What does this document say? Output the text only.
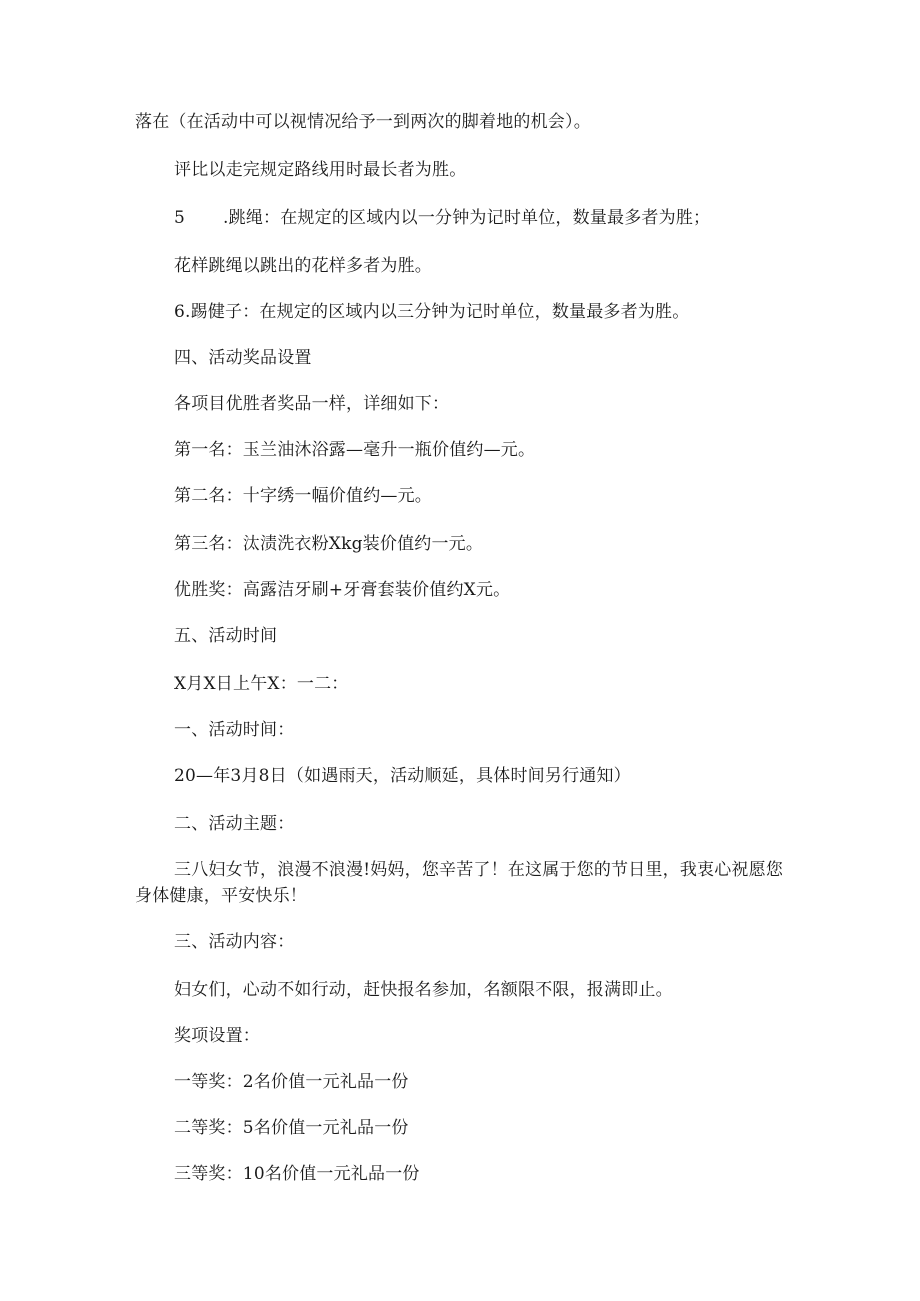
落在（在活动中可以视情况给予一到两次的脚着地的机会）。
评比以走完规定路线用时最长者为胜。
5 .跳绳：在规定的区域内以一分钟为记时单位，数量最多者为胜；
花样跳绳以跳出的花样多者为胜。
6.踢健子：在规定的区域内以三分钟为记时单位，数量最多者为胜。
四、活动奖品设置
各项目优胜者奖品一样，详细如下：
第一名：玉兰油沐浴露—毫升一瓶价值约—元。
第二名：十字绣一幅价值约—元。
第三名：汰渍洗衣粉Xkg装价值约一元。
优胜奖：高露洁牙刷+牙膏套装价值约X元。
五、活动时间
X月X日上午X：一二：
一、活动时间：
20—年3月8日（如遇雨天，活动顺延，具体时间另行通知）
二、活动主题：
三八妇女节，浪漫不浪漫!妈妈，您辛苦了！在这属于您的节日里，我衷心祝愿您
身体健康，平安快乐！
三、活动内容：
妇女们，心动不如行动，赶快报名参加，名额限不限，报满即止。
奖项设置：
一等奖：2名价值一元礼品一份
二等奖：5名价值一元礼品一份
三等奖：10名价值一元礼品一份
